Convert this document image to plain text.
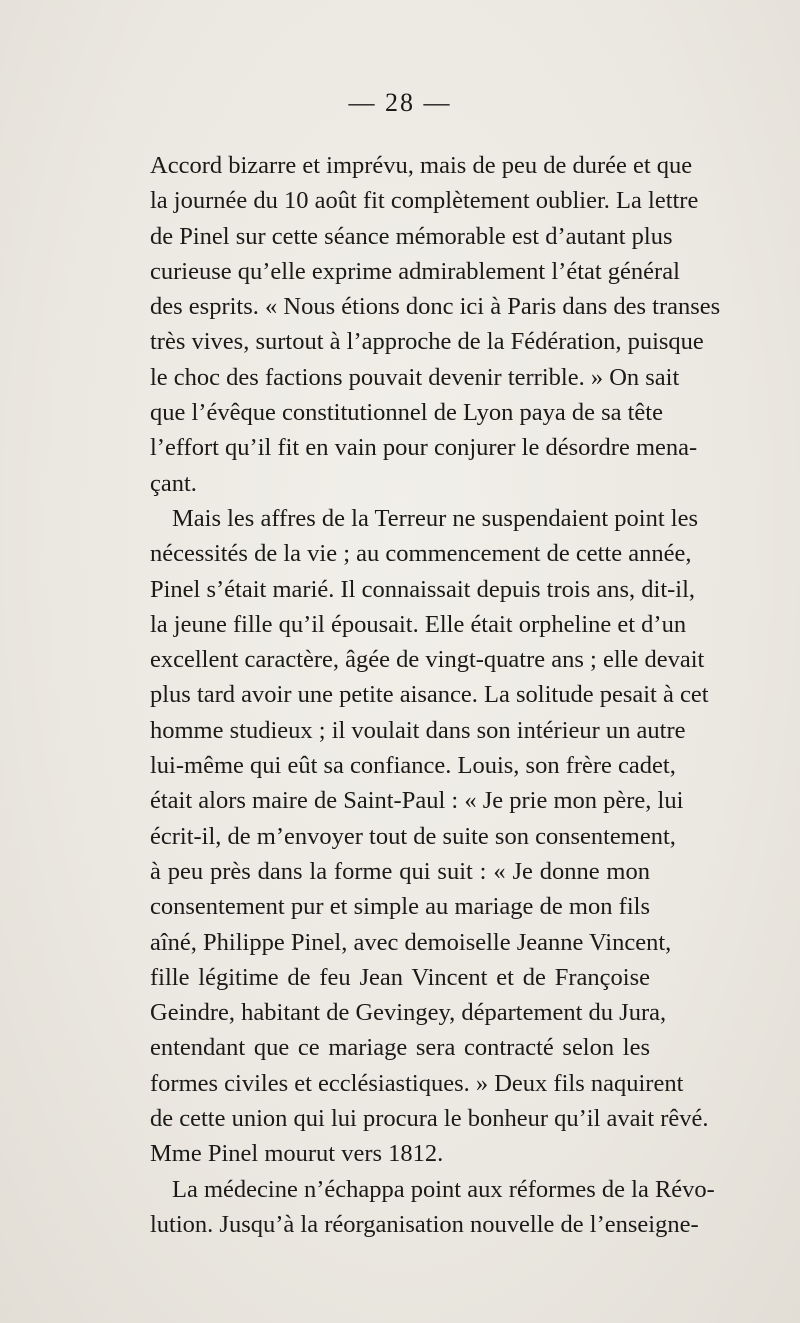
— 28 —
Accord bizarre et imprévu, mais de peu de durée et que
la journée du 10 août fit complètement oublier. La lettre
de Pinel sur cette séance mémorable est d’autant plus
curieuse qu’elle exprime admirablement l’état général
des esprits. « Nous étions donc ici à Paris dans des transes
très vives, surtout à l’approche de la Fédération, puisque
le choc des factions pouvait devenir terrible. » On sait
que l’évêque constitutionnel de Lyon paya de sa tête
l’effort qu’il fit en vain pour conjurer le désordre mena-
çant.
Mais les affres de la Terreur ne suspendaient point les
nécessités de la vie ; au commencement de cette année,
Pinel s’était marié. Il connaissait depuis trois ans, dit-il,
la jeune fille qu’il épousait. Elle était orpheline et d’un
excellent caractère, âgée de vingt-quatre ans ; elle devait
plus tard avoir une petite aisance. La solitude pesait à cet
homme studieux ; il voulait dans son intérieur un autre
lui-même qui eût sa confiance. Louis, son frère cadet,
était alors maire de Saint-Paul : « Je prie mon père, lui
écrit-il, de m’envoyer tout de suite son consentement,
à peu près dans la forme qui suit : « Je donne mon
consentement pur et simple au mariage de mon fils
aîné, Philippe Pinel, avec demoiselle Jeanne Vincent,
fille légitime de feu Jean Vincent et de Françoise
Geindre, habitant de Gevingey, département du Jura,
entendant que ce mariage sera contracté selon les
formes civiles et ecclésiastiques. » Deux fils naquirent
de cette union qui lui procura le bonheur qu’il avait rêvé.
Mme Pinel mourut vers 1812.
La médecine n’échappa point aux réformes de la Révo-
lution. Jusqu’à la réorganisation nouvelle de l’enseigne-
